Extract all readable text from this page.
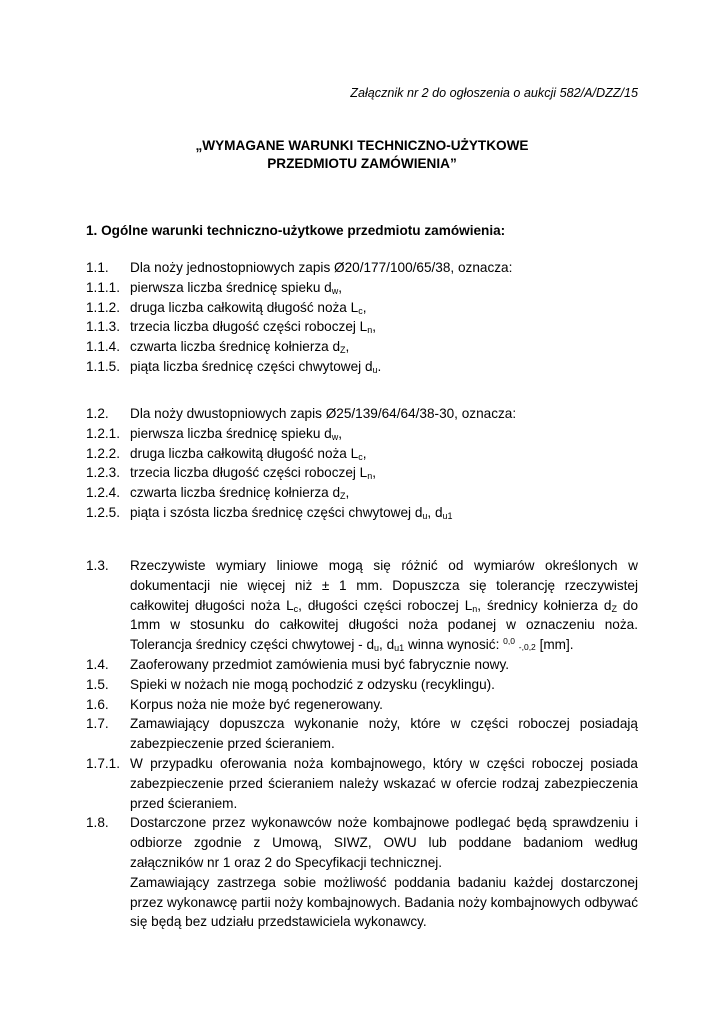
Załącznik nr 2 do ogłoszenia o aukcji 582/A/DZZ/15
„WYMAGANE WARUNKI TECHNICZNO-UŻYTKOWE
PRZEDMIOTU ZAMÓWIENIA”
1. Ogólne warunki techniczno-użytkowe przedmiotu zamówienia:
1.1.	Dla noży jednostopniowych zapis Ø20/177/100/65/38, oznacza:
1.1.1. pierwsza liczba średnicę spieku $d_w$,
1.1.2. druga liczba całkowitą długość noża $L_c$,
1.1.3. trzecia liczba długość części roboczej $L_n$,
1.1.4. czwarta liczba średnicę kołnierza $d_Z$,
1.1.5. piąta liczba średnicę części chwytowej $d_u$.
1.2.	Dla noży dwustopniowych zapis Ø25/139/64/64/38-30, oznacza:
1.2.1. pierwsza liczba średnicę spieku $d_w$,
1.2.2. druga liczba całkowitą długość noża $L_c$,
1.2.3. trzecia liczba długość części roboczej $L_n$,
1.2.4. czwarta liczba średnicę kołnierza $d_Z$,
1.2.5. piąta i szósta liczba średnicę części chwytowej $d_u$, $d_{u1}$
1.3.	Rzeczywiste wymiary liniowe mogą się różnić od wymiarów określonych w dokumentacji nie więcej niż ± 1 mm. Dopuszcza się tolerancję rzeczywistej całkowitej długości noża $L_c$, długości części roboczej $L_n$, średnicy kołnierza $d_Z$ do 1mm w stosunku do całkowitej długości noża podanej w oznaczeniu noża. Tolerancja średnicy części chwytowej - $d_u$, $d_{u1}$ winna wynosić: $^{0,0}$ -,0,2 [mm].
1.4.	Zaoferowany przedmiot zamówienia musi być fabrycznie nowy.
1.5.	Spieki w nożach nie mogą pochodzić z odzysku (recyklingu).
1.6.	Korpus noża nie może być regenerowany.
1.7.	Zamawiający dopuszcza wykonanie noży, które w części roboczej posiadają zabezpieczenie przed ścieraniem.
1.7.1. W przypadku oferowania noża kombajnowego, który w części roboczej posiada zabezpieczenie przed ścieraniem należy wskazać w ofercie rodzaj zabezpieczenia przed ścieraniem.
1.8.	Dostarczone przez wykonawców noże kombajnowe podlegać będą sprawdzeniu i odbiorze zgodnie z Umową, SIWZ, OWU lub poddane badaniom według załączników nr 1 oraz 2 do Specyfikacji technicznej.
Zamawiający zastrzega sobie możliwość poddania badaniu każdej dostarczonej przez wykonawcę partii noży kombajnowych. Badania noży kombajnowych odbywać się będą bez udziału przedstawiciela wykonawcy.
